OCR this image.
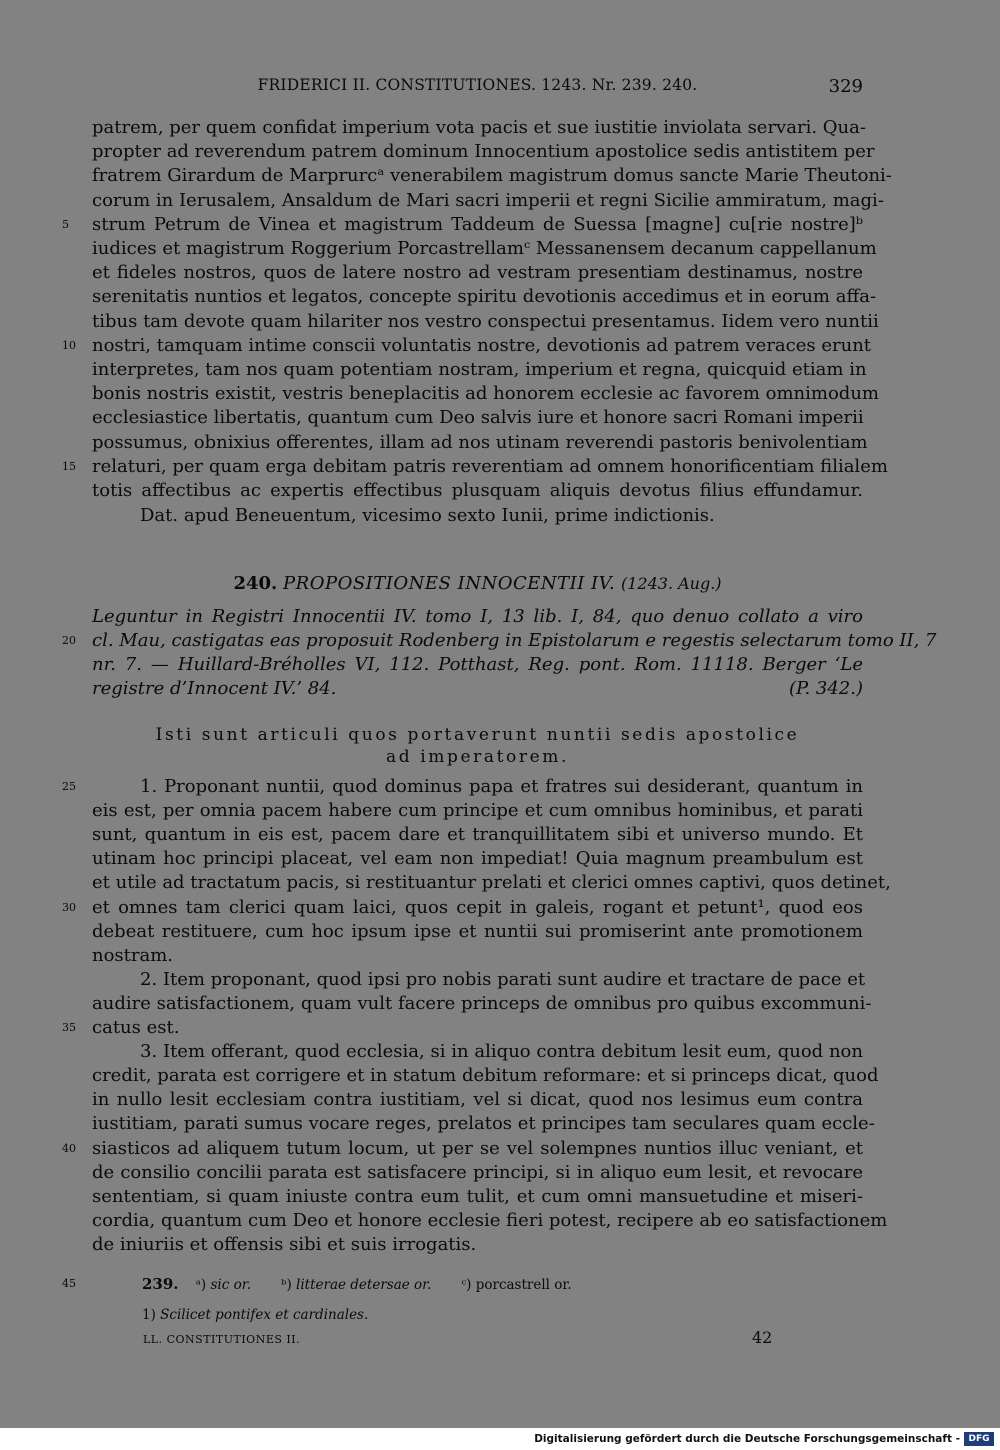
FRIDERICI II. CONSTITUTIONES. 1243. Nr. 239. 240.	329
patrem, per quem confidat imperium vota pacis et sue iustitie inviolata servari. Qua-
propter ad reverendum patrem dominum Innocentium apostolice sedis antistitem per
fratrem Girardum de Marprurcᵃ venerabilem magistrum domus sancte Marie Theutoni-
corum in Ierusalem, Ansaldum de Mari sacri imperii et regni Sicilie ammiratum, magi-
strum Petrum de Vinea et magistrum Taddeum de Suessa [magne] cu[rie nostre]ᵇ
5
iudices et magistrum Roggerium Porcastrellamᶜ Messanensem decanum cappellanum
et fideles nostros, quos de latere nostro ad vestram presentiam destinamus, nostre
serenitatis nuntios et legatos, concepte spiritu devotionis accedimus et in eorum affa-
tibus tam devote quam hilariter nos vestro conspectui presentamus. Iidem vero nuntii
nostri, tamquam intime conscii voluntatis nostre, devotionis ad patrem veraces erunt
10
interpretes, tam nos quam potentiam nostram, imperium et regna, quicquid etiam in
bonis nostris existit, vestris beneplacitis ad honorem ecclesie ac favorem omnimodum
ecclesiastice libertatis, quantum cum Deo salvis iure et honore sacri Romani imperii
possumus, obnixius offerentes, illam ad nos utinam reverendi pastoris benivolentiam
relaturi, per quam erga debitam patris reverentiam ad omnem honorificentiam filialem
15
totis affectibus ac expertis effectibus plusquam aliquis devotus filius effundamur.
Dat. apud Beneuentum, vicesimo sexto Iunii, prime indictionis.
240. PROPOSITIONES INNOCENTII IV. (1243. Aug.)
Leguntur in Registri Innocentii IV. tomo I, 13 lib. I, 84, quo denuo collato a viro
cl. Mau, castigatas eas proposuit Rodenberg in Epistolarum e regestis selectarum tomo II, 7
20
nr. 7. — Huillard-Bréholles VI, 112. Potthast, Reg. pont. Rom. 11118. Berger ‘Le
registre d’Innocent IV.’ 84.	(P. 342.)
Isti sunt articuli quos portaverunt nuntii sedis apostolice
ad imperatorem.
1. Proponant nuntii, quod dominus papa et fratres sui desiderant, quantum in
25
eis est, per omnia pacem habere cum principe et cum omnibus hominibus, et parati
sunt, quantum in eis est, pacem dare et tranquillitatem sibi et universo mundo. Et
utinam hoc principi placeat, vel eam non impediat! Quia magnum preambulum est
et utile ad tractatum pacis, si restituantur prelati et clerici omnes captivi, quos detinet,
et omnes tam clerici quam laici, quos cepit in galeis, rogant et petunt¹, quod eos
30
debeat restituere, cum hoc ipsum ipse et nuntii sui promiserint ante promotionem
nostram.
2. Item proponant, quod ipsi pro nobis parati sunt audire et tractare de pace et
audire satisfactionem, quam vult facere princeps de omnibus pro quibus excommuni-
catus est.
35
3. Item offerant, quod ecclesia, si in aliquo contra debitum lesit eum, quod non
credit, parata est corrigere et in statum debitum reformare: et si princeps dicat, quod
in nullo lesit ecclesiam contra iustitiam, vel si dicat, quod nos lesimus eum contra
iustitiam, parati sumus vocare reges, prelatos et principes tam seculares quam eccle-
siasticos ad aliquem tutum locum, ut per se vel solempnes nuntios illuc veniant, et
40
de consilio concilii parata est satisfacere principi, si in aliquo eum lesit, et revocare
sententiam, si quam iniuste contra eum tulit, et cum omni mansuetudine et miseri-
cordia, quantum cum Deo et honore ecclesie fieri potest, recipere ab eo satisfactionem
de iniuriis et offensis sibi et suis irrogatis.
45	239. ᵃ) sic or. ᵇ) litterae detersae or. ᶜ) porcastrell or.
1) Scilicet pontifex et cardinales.
LL. CONSTITUTIONES II.	42
Digitalisierung gefördert durch die Deutsche Forschungsgemeinschaft - DFG
